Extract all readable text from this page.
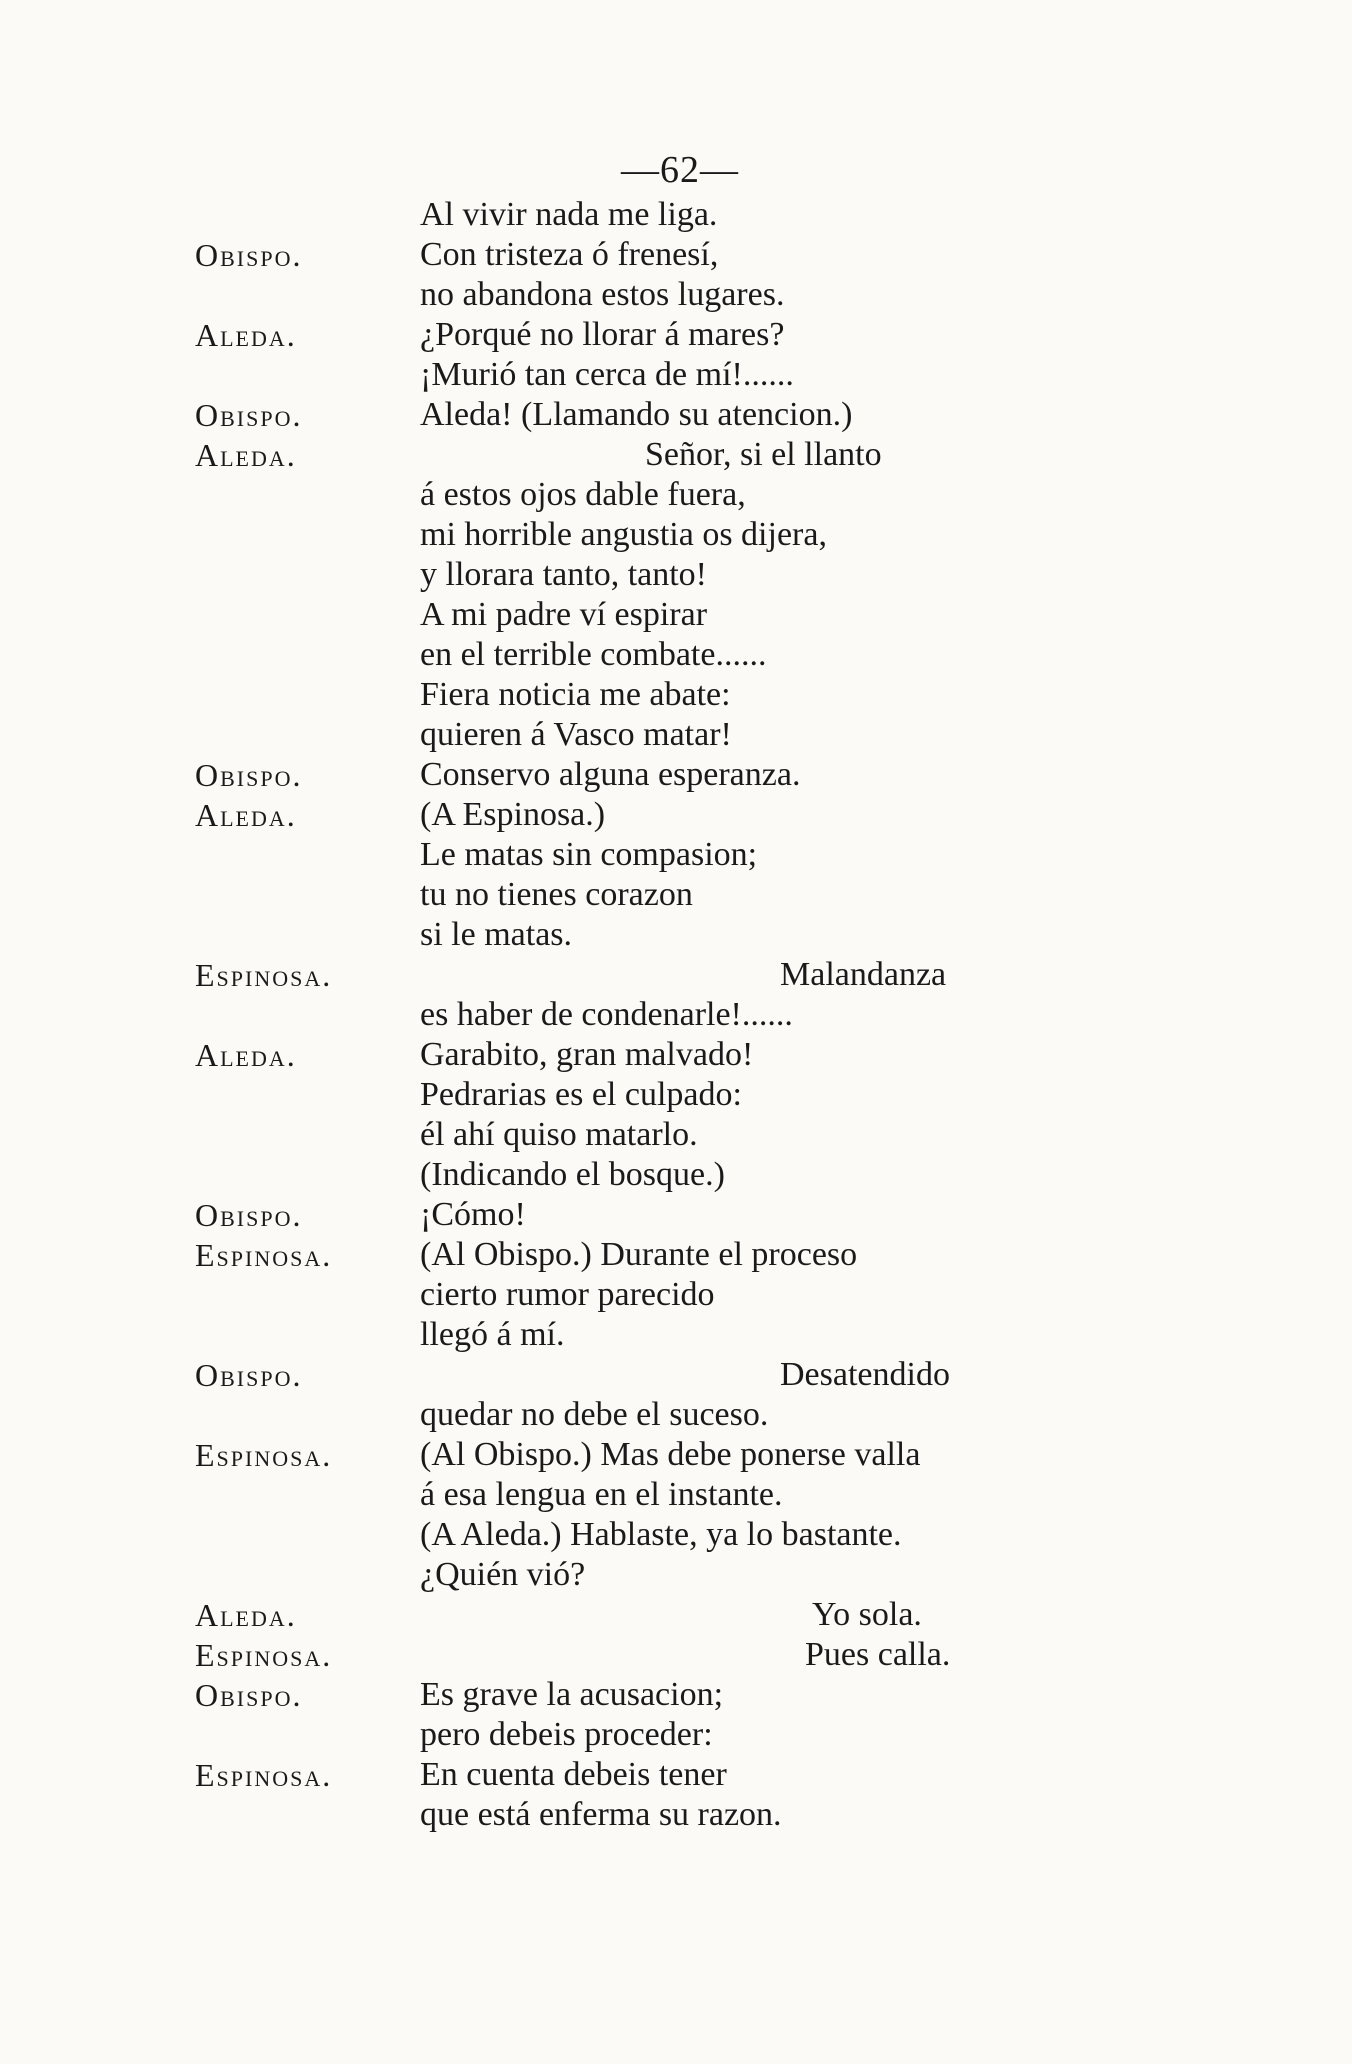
—62—
Al vivir nada me liga.
Obispo.	Con tristeza ó frenesí,
no abandona estos lugares.
Aleda.	¿Porqué no llorar á mares?
¡Murió tan cerca de mí!......
Obispo.	Aleda! (Llamando su atencion.)
Aleda.	Señor, si el llanto
á estos ojos dable fuera,
mi horrible angustia os dijera,
y llorara tanto, tanto!
A mi padre ví espirar
en el terrible combate......
Fiera noticia me abate:
quieren á Vasco matar!
Obispo.	Conservo alguna esperanza.
Aleda.	(A Espinosa.)
Le matas sin compasion;
tu no tienes corazon
si le matas.
Espinosa.	Malandanza
es haber de condenarle!......
Aleda.	Garabito, gran malvado!
Pedrarias es el culpado:
él ahí quiso matarlo.
(Indicando el bosque.)
Obispo.	¡Cómo!
Espinosa.	(Al Obispo.) Durante el proceso
cierto rumor parecido
llegó á mí.
Obispo.	Desatendido
quedar no debe el suceso.
Espinosa.	(Al Obispo.) Mas debe ponerse valla
á esa lengua en el instante.
(A Aleda.) Hablaste, ya lo bastante.
¿Quién vió?
Aleda.	Yo sola.
Espinosa.	Pues calla.
Obispo.	Es grave la acusacion;
pero debeis proceder:
Espinosa.	En cuenta debeis tener
que está enferma su razon.
